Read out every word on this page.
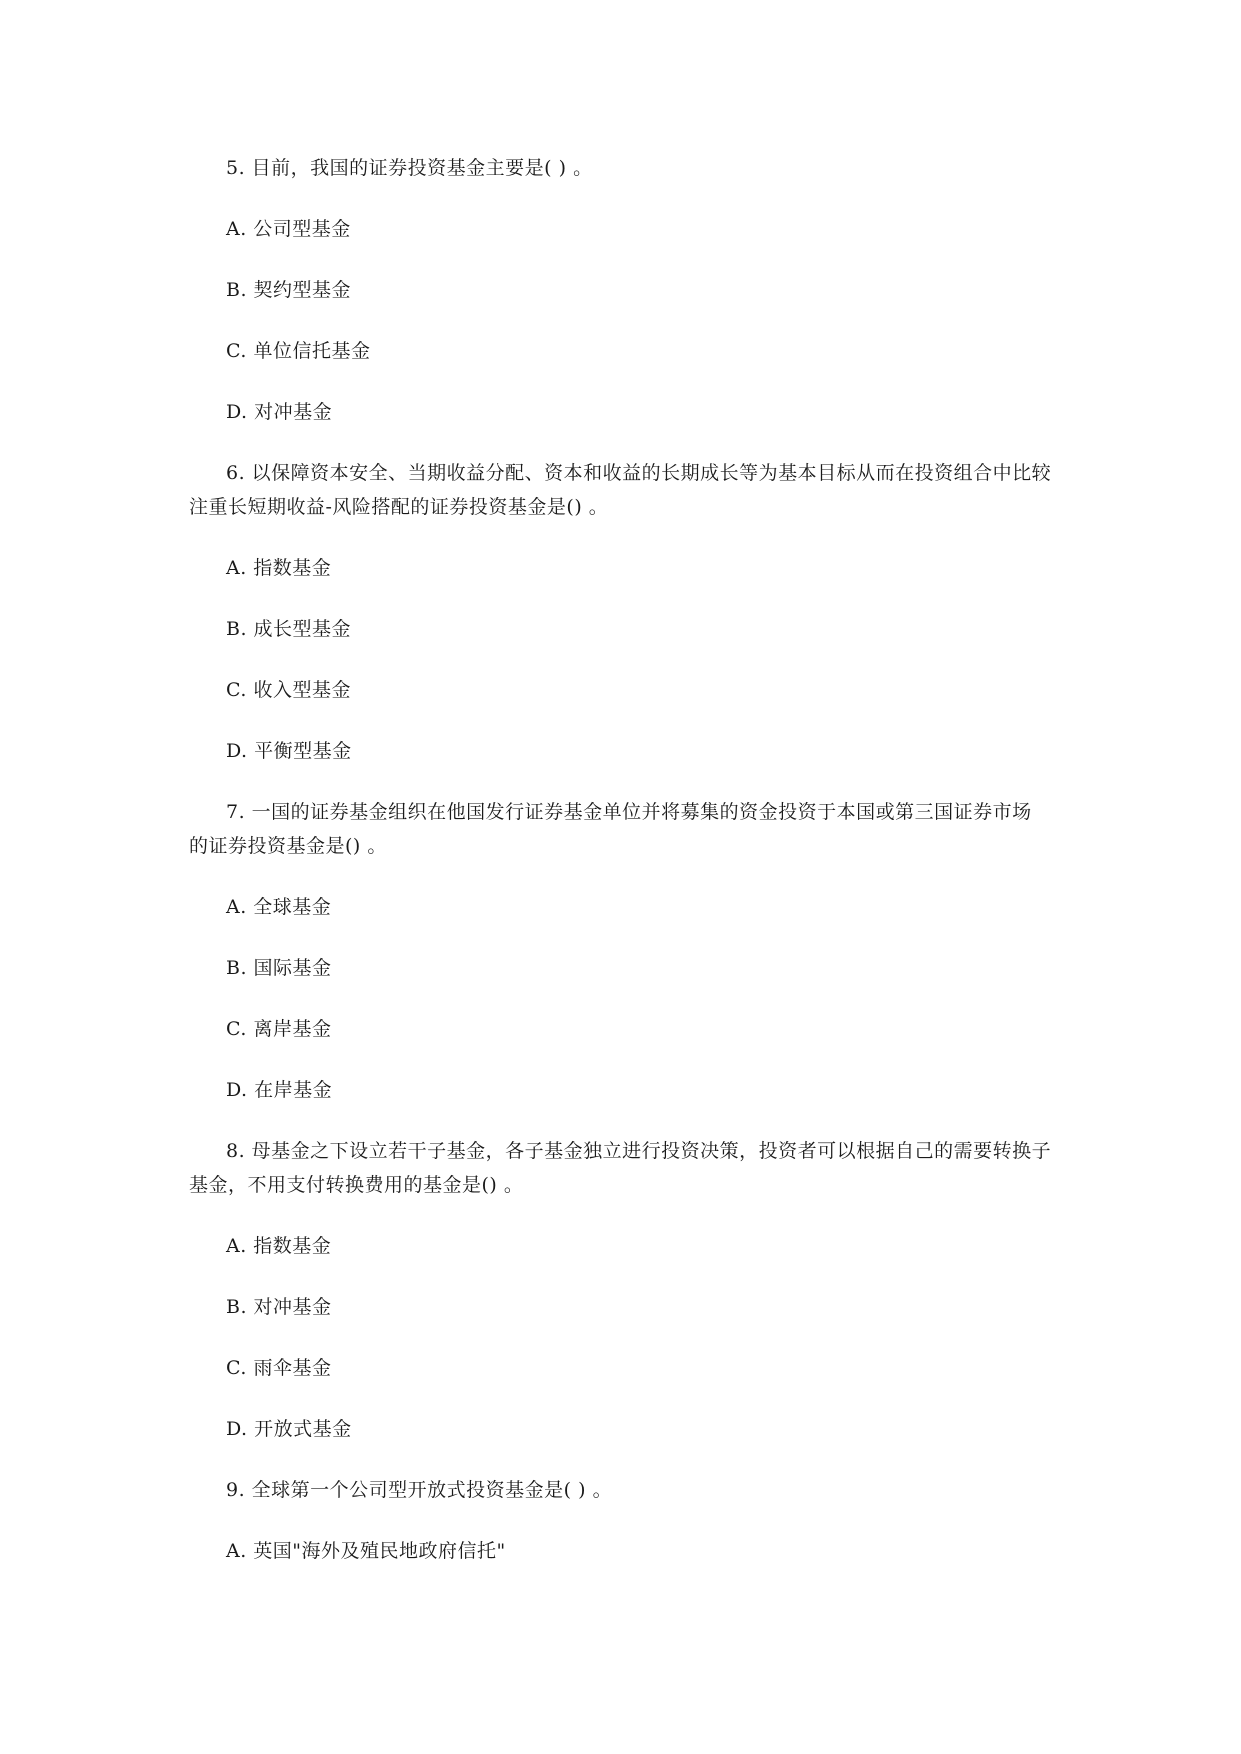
5. 目前，我国的证券投资基金主要是( ) 。
A. 公司型基金
B. 契约型基金
C. 单位信托基金
D. 对冲基金
6. 以保障资本安全、当期收益分配、资本和收益的长期成长等为基本目标从而在投资组合中比较
注重长短期收益-风险搭配的证券投资基金是() 。
A. 指数基金
B. 成长型基金
C. 收入型基金
D. 平衡型基金
7. 一国的证券基金组织在他国发行证券基金单位并将募集的资金投资于本国或第三国证券市场
的证券投资基金是() 。
A. 全球基金
B. 国际基金
C. 离岸基金
D. 在岸基金
8. 母基金之下设立若干子基金，各子基金独立进行投资决策，投资者可以根据自己的需要转换子
基金，不用支付转换费用的基金是() 。
A. 指数基金
B. 对冲基金
C. 雨伞基金
D. 开放式基金
9. 全球第一个公司型开放式投资基金是( ) 。
A. 英国"海外及殖民地政府信托"
